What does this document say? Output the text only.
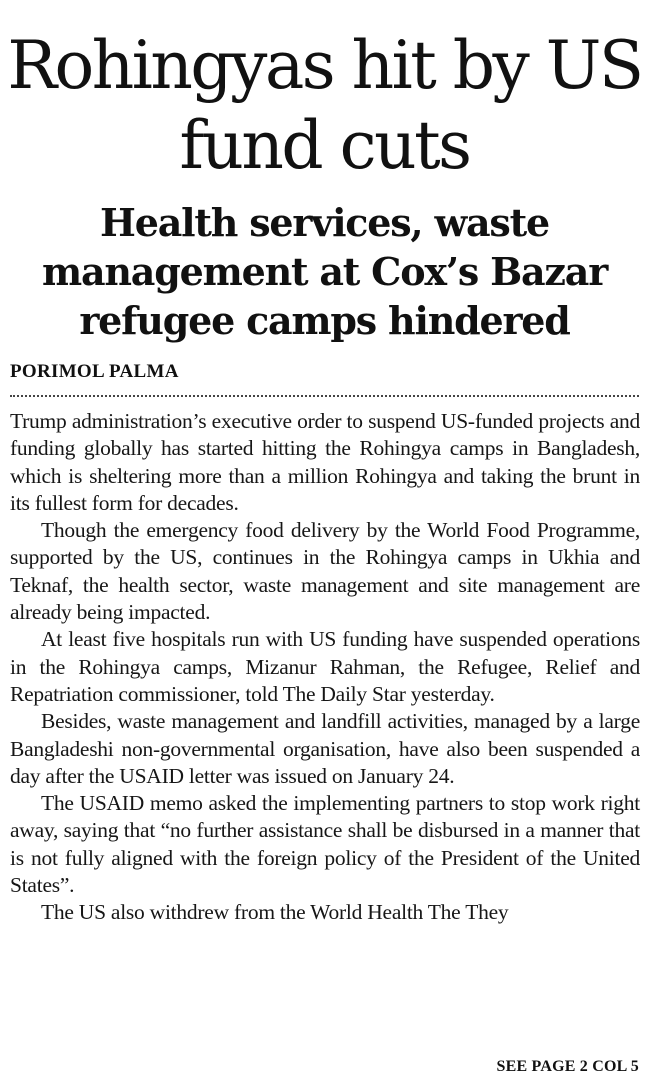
Rohingyas hit by US fund cuts
Health services, waste management at Cox’s Bazar refugee camps hindered
PORIMOL PALMA

Trump administration’s executive order to suspend US-funded projects and funding globally has started hitting the Rohingya camps in Bangladesh, which is sheltering more than a million Rohingya and taking the brunt in its fullest form for decades.

Though the emergency food delivery by the World Food Programme, supported by the US, continues in the Rohingya camps in Ukhia and Teknaf, the health sector, waste management and site management are already being impacted.

At least five hospitals run with US funding have suspended operations in the Rohingya camps, Mizanur Rahman, the Refugee, Relief and Repatriation commissioner, told The Daily Star yesterday.

Besides, waste management and landfill activities, managed by a large Bangladeshi non-governmental organisation, have also been suspended a day after the USAID letter was issued on January 24.

The USAID memo asked the implementing partners to stop work right away, saying that “no further assistance shall be disbursed in a manner that is not fully aligned with the foreign policy of the President of the United States”.

The US also withdrew from the World Health The They

SEE PAGE 2 COL 5
